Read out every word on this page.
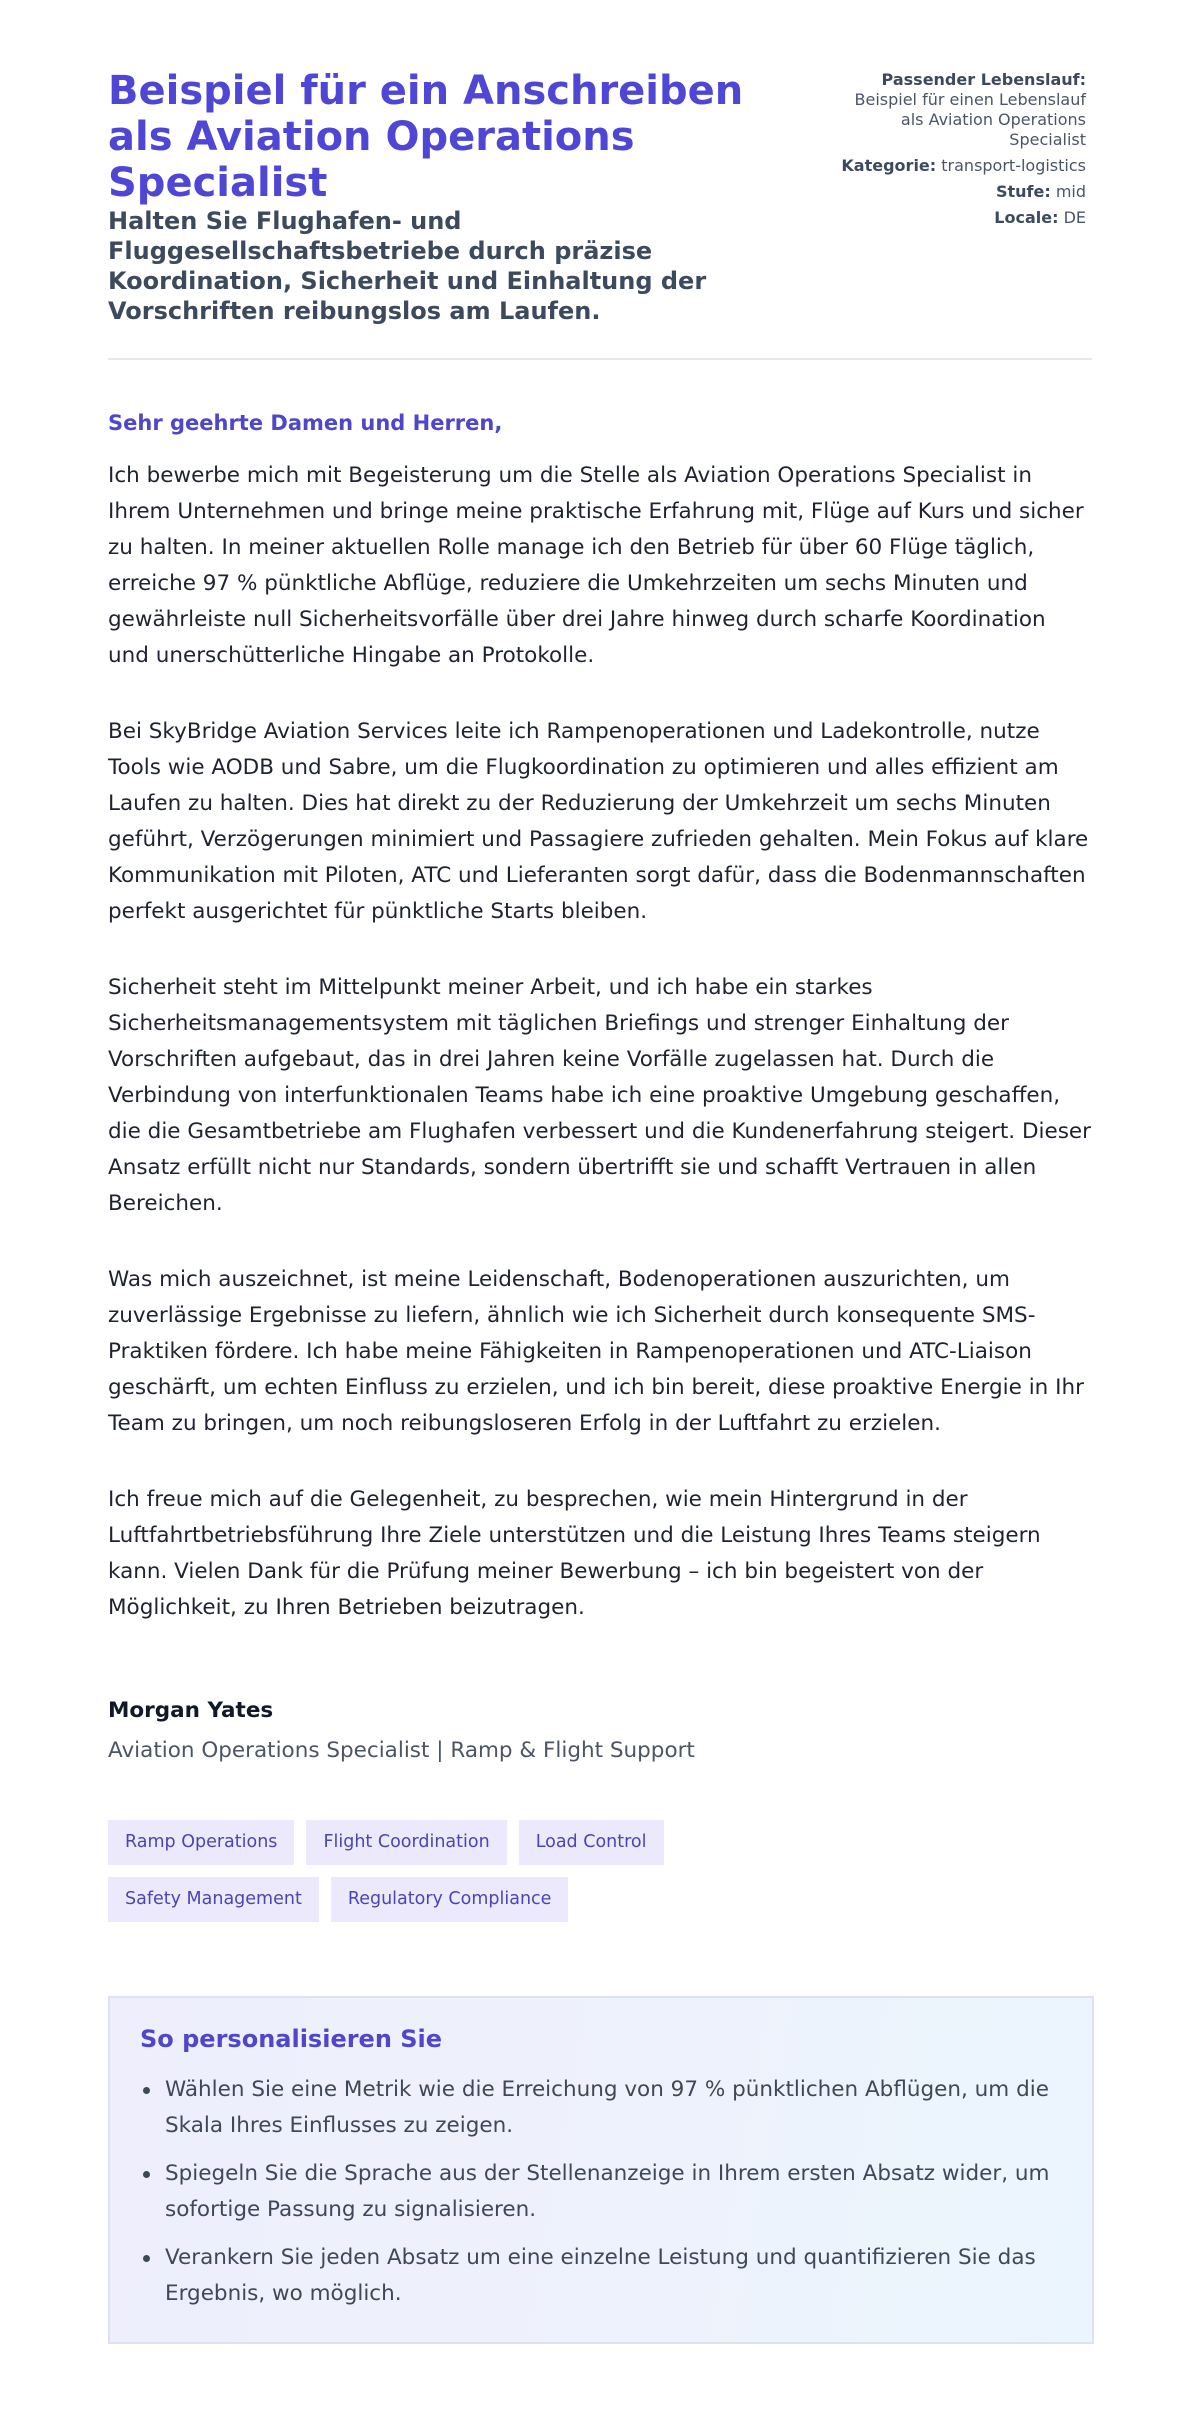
Beispiel für ein Anschreiben als Aviation Operations Specialist
Halten Sie Flughafen- und Fluggesellschaftsbetriebe durch präzise Koordination, Sicherheit und Einhaltung der Vorschriften reibungslos am Laufen.
Passender Lebenslauf:
Beispiel für einen Lebenslauf als Aviation Operations Specialist
Kategorie: transport-logistics
Stufe: mid
Locale: DE

Sehr geehrte Damen und Herren,

Ich bewerbe mich mit Begeisterung um die Stelle als Aviation Operations Specialist in Ihrem Unternehmen und bringe meine praktische Erfahrung mit, Flüge auf Kurs und sicher zu halten. In meiner aktuellen Rolle manage ich den Betrieb für über 60 Flüge täglich, erreiche 97 % pünktliche Abflüge, reduziere die Umkehrzeiten um sechs Minuten und gewährleiste null Sicherheitsvorfälle über drei Jahre hinweg durch scharfe Koordination und unerschütterliche Hingabe an Protokolle.

Bei SkyBridge Aviation Services leite ich Rampenoperationen und Ladekontrolle, nutze Tools wie AODB und Sabre, um die Flugkoordination zu optimieren und alles effizient am Laufen zu halten. Dies hat direkt zu der Reduzierung der Umkehrzeit um sechs Minuten geführt, Verzögerungen minimiert und Passagiere zufrieden gehalten. Mein Fokus auf klare Kommunikation mit Piloten, ATC und Lieferanten sorgt dafür, dass die Bodenmannschaften perfekt ausgerichtet für pünktliche Starts bleiben.

Sicherheit steht im Mittelpunkt meiner Arbeit, und ich habe ein starkes Sicherheitsmanagementsystem mit täglichen Briefings und strenger Einhaltung der Vorschriften aufgebaut, das in drei Jahren keine Vorfälle zugelassen hat. Durch die Verbindung von interfunktionalen Teams habe ich eine proaktive Umgebung geschaffen, die die Gesamtbetriebe am Flughafen verbessert und die Kundenerfahrung steigert. Dieser Ansatz erfüllt nicht nur Standards, sondern übertrifft sie und schafft Vertrauen in allen Bereichen.

Was mich auszeichnet, ist meine Leidenschaft, Bodenoperationen auszurichten, um zuverlässige Ergebnisse zu liefern, ähnlich wie ich Sicherheit durch konsequente SMS-Praktiken fördere. Ich habe meine Fähigkeiten in Rampenoperationen und ATC-Liaison geschärft, um echten Einfluss zu erzielen, und ich bin bereit, diese proaktive Energie in Ihr Team zu bringen, um noch reibungsloseren Erfolg in der Luftfahrt zu erzielen.

Ich freue mich auf die Gelegenheit, zu besprechen, wie mein Hintergrund in der Luftfahrtbetriebsführung Ihre Ziele unterstützen und die Leistung Ihres Teams steigern kann. Vielen Dank für die Prüfung meiner Bewerbung – ich bin begeistert von der Möglichkeit, zu Ihren Betrieben beizutragen.

Morgan Yates
Aviation Operations Specialist | Ramp & Flight Support
Ramp Operations	Flight Coordination	Load Control
Safety Management	Regulatory Compliance
So personalisieren Sie
Wählen Sie eine Metrik wie die Erreichung von 97 % pünktlichen Abflügen, um die Skala Ihres Einflusses zu zeigen.
Spiegeln Sie die Sprache aus der Stellenanzeige in Ihrem ersten Absatz wider, um sofortige Passung zu signalisieren.
Verankern Sie jeden Absatz um eine einzelne Leistung und quantifizieren Sie das Ergebnis, wo möglich.
